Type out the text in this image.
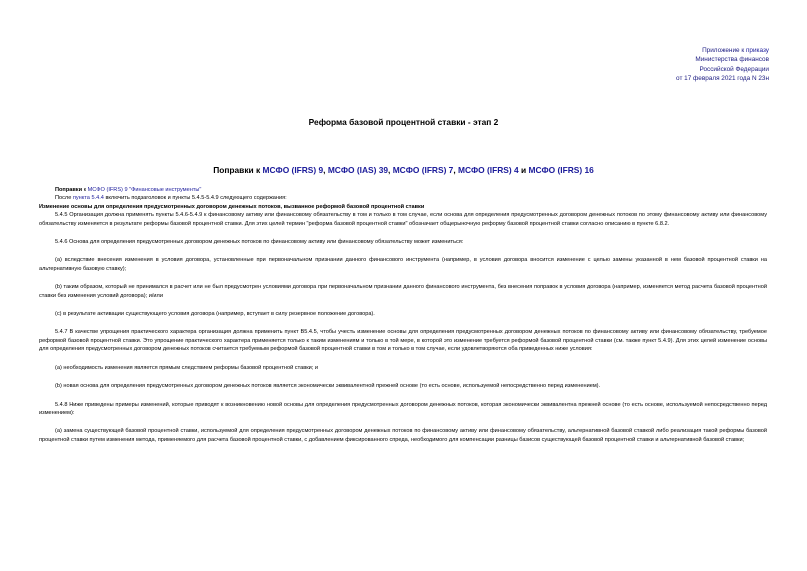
Приложение к приказу
Министерства финансов
Российской Федерации
от 17 февраля 2021 года N 23н
Реформа базовой процентной ставки - этап 2
Поправки к МСФО (IFRS) 9, МСФО (IAS) 39, МСФО (IFRS) 7, МСФО (IFRS) 4 и МСФО (IFRS) 16

Поправки к МСФО (IFRS) 9 "Финансовые инструменты"

После пункта 5.4.4 включить подзаголовок и пункты 5.4.5-5.4.9 следующего содержания:

Изменение основы для определения предусмотренных договором денежных потоков, вызванное реформой базовой процентной ставки

5.4.5 Организация должна применять пункты 5.4.6-5.4.9 к финансовому активу или финансовому обязательству в том и только в том случае, если основа для определения предусмотренных договором денежных потоков по этому финансовому активу или финансовому обязательству изменяется в результате реформы базовой процентной ставки. Для этих целей термин "реформа базовой процентной ставки" обозначает общерыночную реформу базовой процентной ставки согласно описанию в пункте 6.8.2.

5.4.6 Основа для определения предусмотренных договором денежных потоков по финансовому активу или финансовому обязательству может измениться:

(a) вследствие внесения изменения в условия договора, установленные при первоначальном признании данного финансового инструмента (например, в условия договора вносится изменение с целью замены указанной в нем базовой процентной ставки на альтернативную базовую ставку);

(b) таким образом, который не принимался в расчет или не был предусмотрен условиями договора при первоначальном признании данного финансового инструмента, без внесения поправок в условия договора (например, изменяется метод расчета базовой процентной ставки без изменения условий договора); и/или

(c) в результате активации существующего условия договора (например, вступает в силу резервное положение договора).

5.4.7 В качестве упрощения практического характера организация должна применить пункт B5.4.5, чтобы учесть изменение основы для определения предусмотренных договором денежных потоков по финансовому активу или финансовому обязательству, требуемое реформой базовой процентной ставки. Это упрощение практического характера применяется только к таким изменениям и только в той мере, в которой это изменение требуется реформой базовой процентной ставки (см. также пункт 5.4.9). Для этих целей изменение основы для определения предусмотренных договором денежных потоков считается требуемым реформой базовой процентной ставки в том и только в том случае, если удовлетворяются оба приведенных ниже условия:

(a) необходимость изменения является прямым следствием реформы базовой процентной ставки; и

(b) новая основа для определения предусмотренных договором денежных потоков является экономически эквивалентной прежней основе (то есть основе, используемой непосредственно перед изменением).

5.4.8 Ниже приведены примеры изменений, которые приводят к возникновению новой основы для определения предусмотренных договором денежных потоков, которая экономически эквивалентна прежней основе (то есть основе, используемой непосредственно перед изменением):

(a) замена существующей базовой процентной ставки, используемой для определения предусмотренных договором денежных потоков по финансовому активу или финансовому обязательству, альтернативной базовой ставкой либо реализация такой реформы базовой процентной ставки путем изменения метода, применяемого для расчета базовой процентной ставки, с добавлением фиксированного спреда, необходимого для компенсации разницы базисов существующей базовой процентной ставки и альтернативной базовой ставки;
